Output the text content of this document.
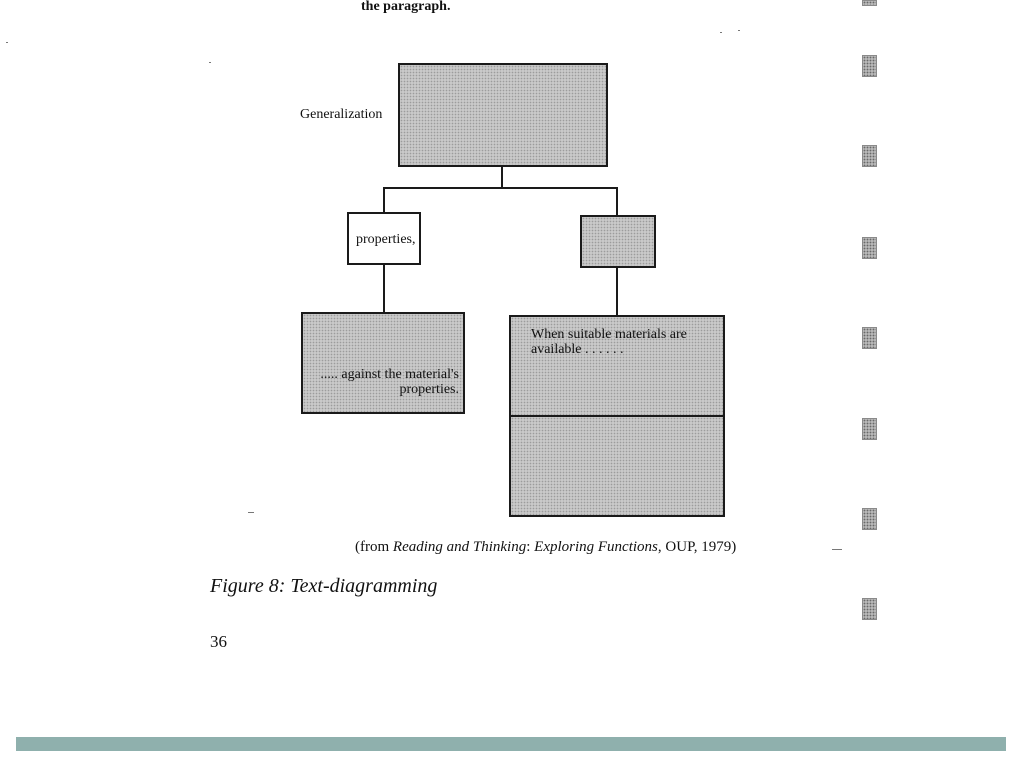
the paragraph.
Generalization
properties,
..... against the material's properties.
When suitable materials are available . . . . . .
(from Reading and Thinking: Exploring Functions, OUP, 1979)
Figure 8: Text-diagramming
36
